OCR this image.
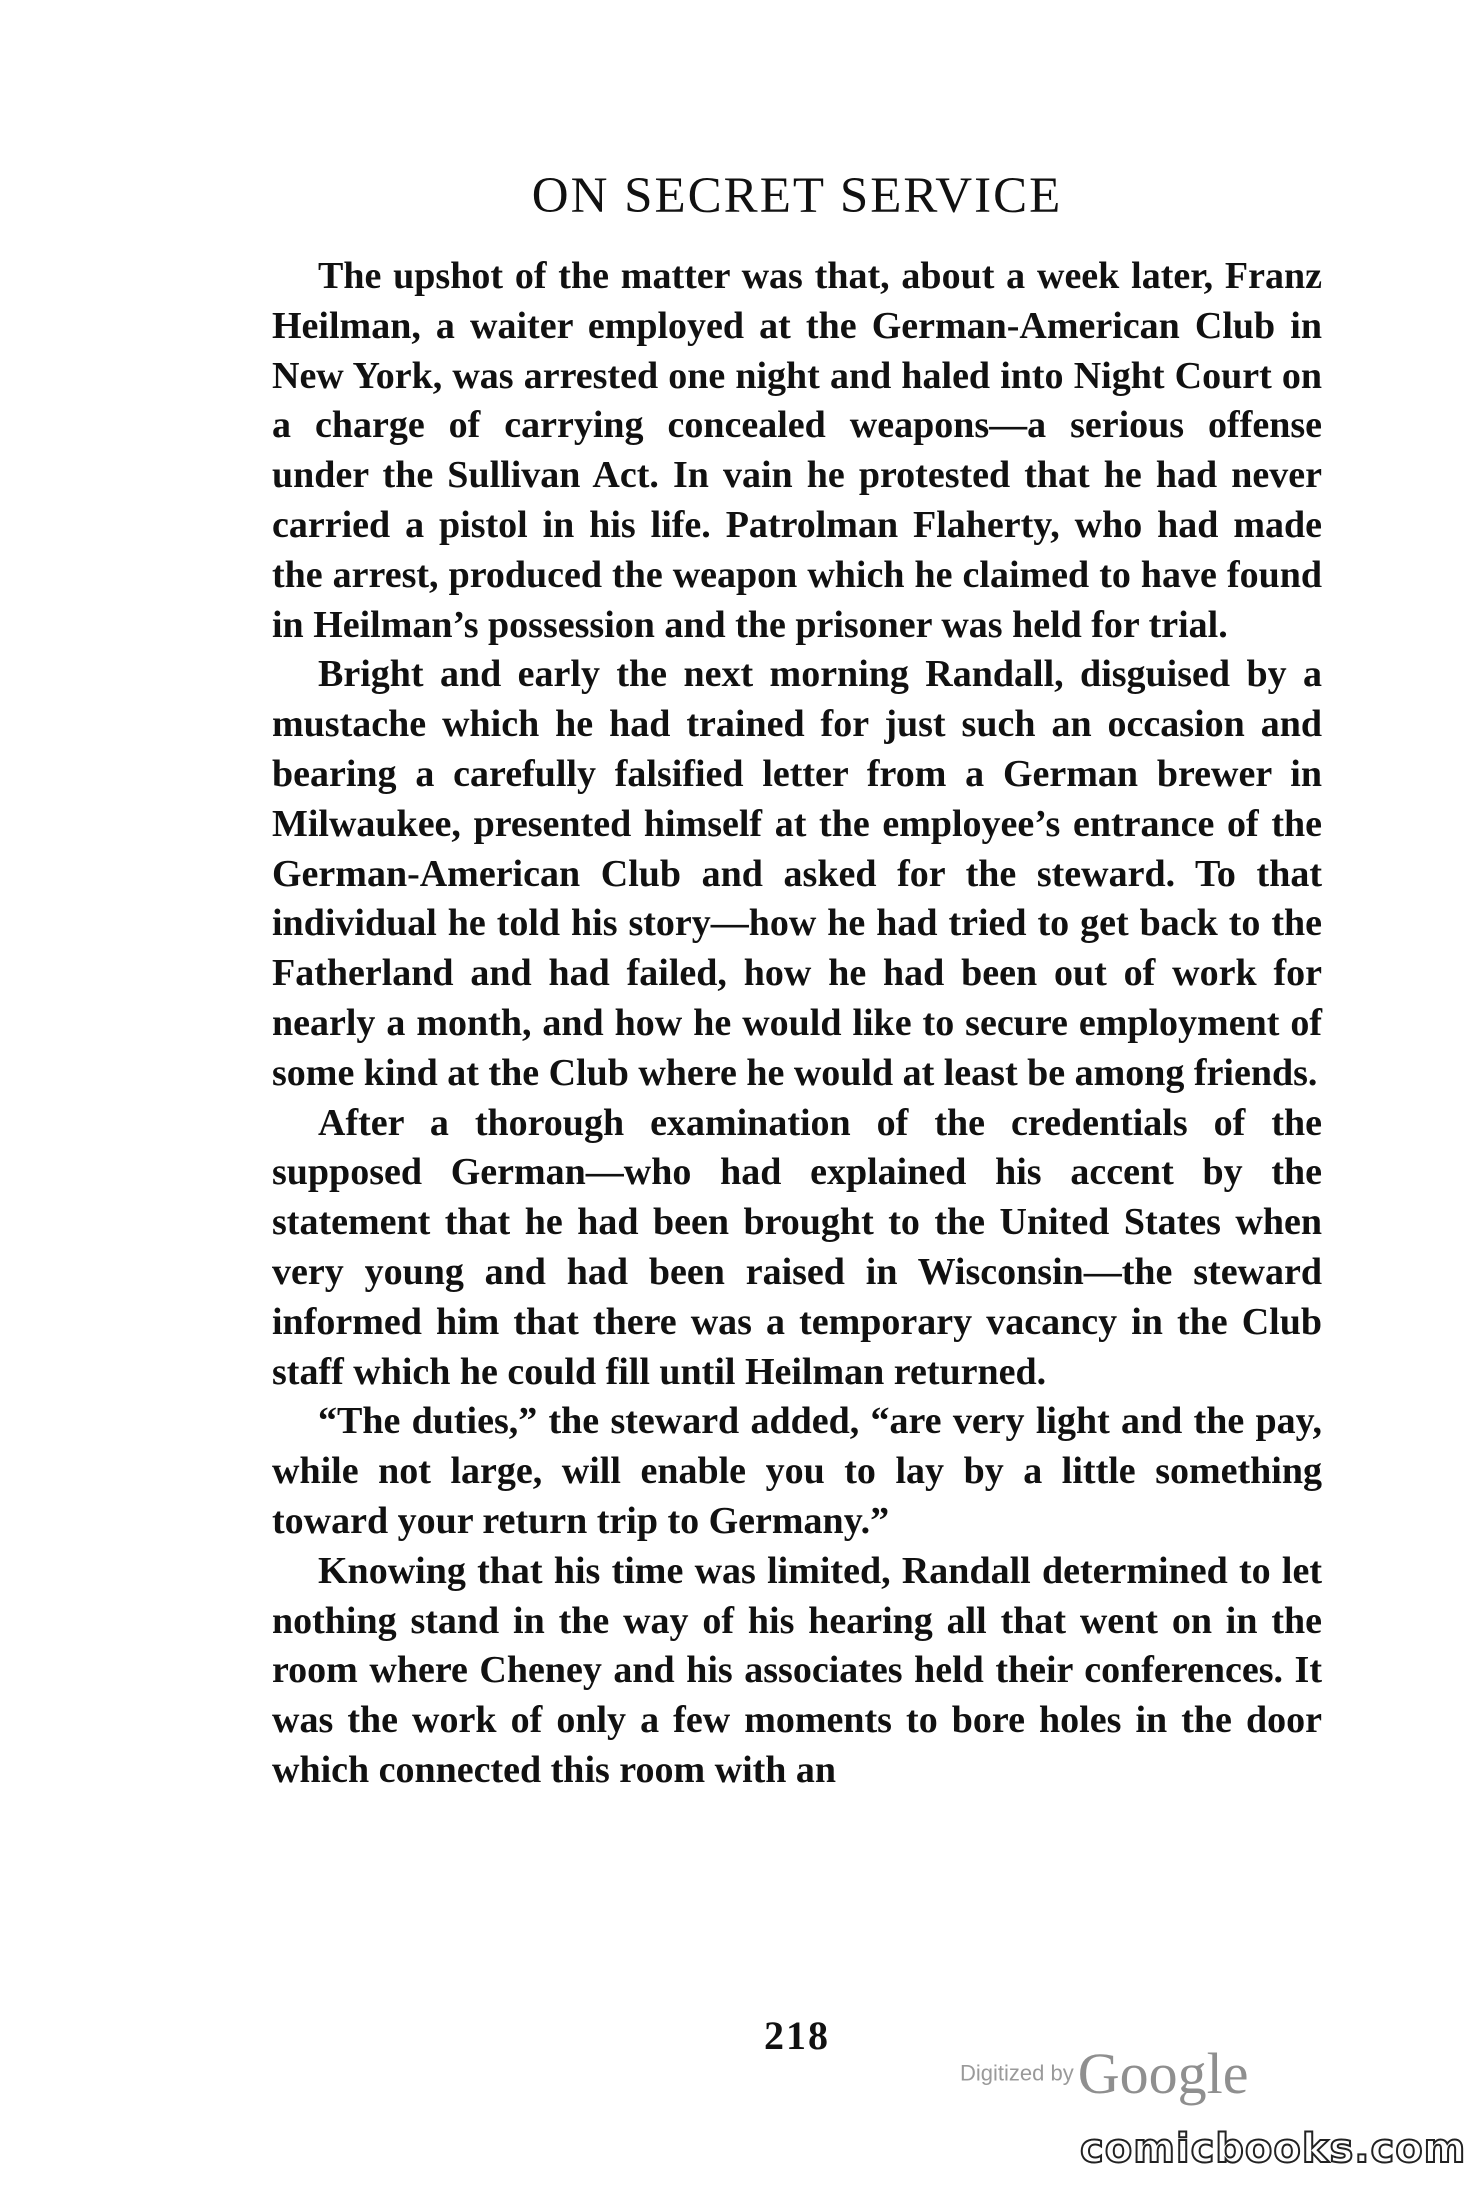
ON SECRET SERVICE

The upshot of the matter was that, about a week later, Franz Heilman, a waiter employed at the German-American Club in New York, was arrested one night and haled into Night Court on a charge of carrying concealed weapons—a serious offense under the Sullivan Act. In vain he protested that he had never carried a pistol in his life. Patrolman Flaherty, who had made the arrest, produced the weapon which he claimed to have found in Heilman’s possession and the prisoner was held for trial.

Bright and early the next morning Randall, disguised by a mustache which he had trained for just such an occasion and bearing a carefully falsified letter from a German brewer in Milwaukee, presented himself at the employee’s entrance of the German-American Club and asked for the steward. To that individual he told his story—how he had tried to get back to the Fatherland and had failed, how he had been out of work for nearly a month, and how he would like to secure employment of some kind at the Club where he would at least be among friends.

After a thorough examination of the credentials of the supposed German—who had explained his accent by the statement that he had been brought to the United States when very young and had been raised in Wisconsin—the steward informed him that there was a temporary vacancy in the Club staff which he could fill until Heilman returned.

“The duties,” the steward added, “are very light and the pay, while not large, will enable you to lay by a little something toward your return trip to Germany.”

Knowing that his time was limited, Randall determined to let nothing stand in the way of his hearing all that went on in the room where Cheney and his associates held their conferences. It was the work of only a few moments to bore holes in the door which connected this room with an

218
Digitized by Google
comicbooks.com
